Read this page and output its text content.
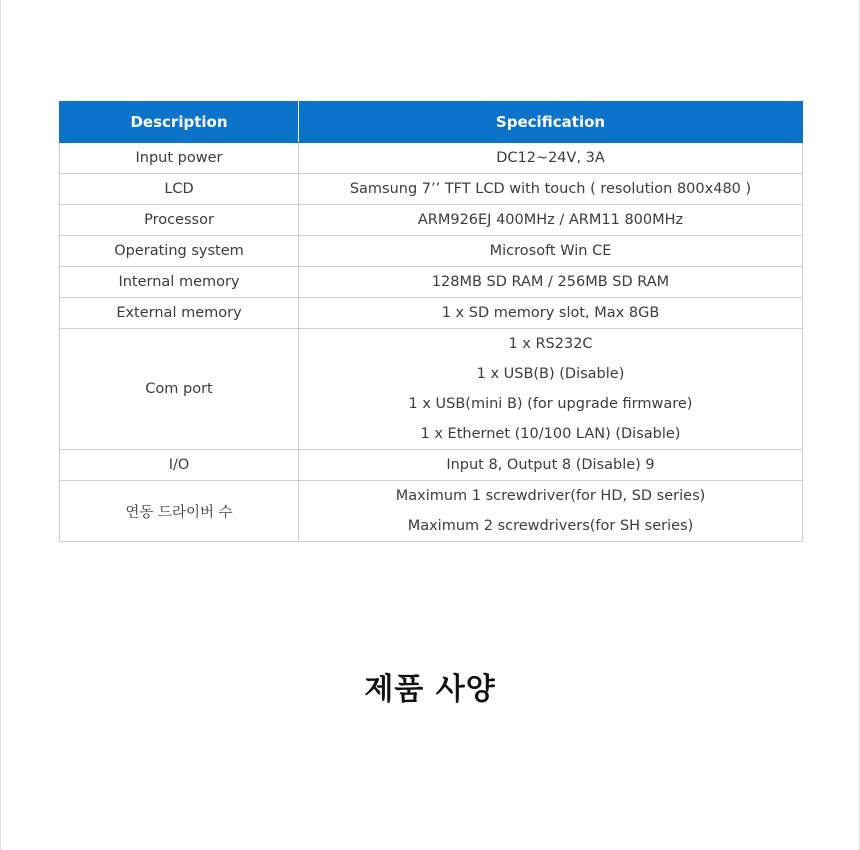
Description	Specification
Input power	DC12~24V, 3A

LCD	Samsung 7’’ TFT LCD with touch ( resolution 800x480 )

Processor	ARM926EJ 400MHz / ARM11 800MHz

Operating system	Microsoft Win CE

Internal memory	128MB SD RAM / 256MB SD RAM

External memory	1 x SD memory slot, Max 8GB

Com port	1 x RS232C
1 x USB(B) (Disable)
1 x USB(mini B) (for upgrade firmware)
1 x Ethernet (10/100 LAN) (Disable)

I/O	Input 8, Output 8 (Disable) 9

연동 드라이버 수	Maximum 1 screwdriver(for HD, SD series)
Maximum 2 screwdrivers(for SH series)
제품 사양
